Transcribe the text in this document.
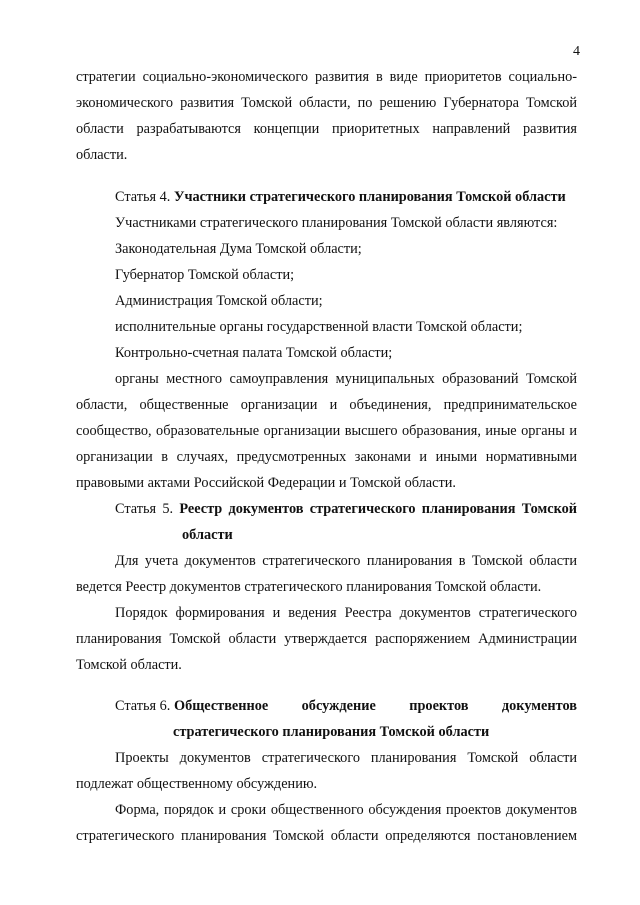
4
стратегии социально-экономического развития в виде приоритетов социально-
экономического развития Томской области, по решению Губернатора Томской
области разрабатываются концепции приоритетных направлений развития
области.
Статья 4. Участники стратегического планирования Томской области
Участниками стратегического планирования Томской области являются:
Законодательная Дума Томской области;
Губернатор Томской области;
Администрация Томской области;
исполнительные органы государственной власти Томской области;
Контрольно-счетная палата Томской области;
органы местного самоуправления муниципальных образований Томской
области, общественные организации и объединения, предпринимательское
сообщество, образовательные организации высшего образования, иные органы и
организации в случаях, предусмотренных законами и иными нормативными
правовыми актами Российской Федерации и Томской области.
Статья 5. Реестр документов стратегического планирования Томской
области
Для учета документов стратегического планирования в Томской области
ведется Реестр документов стратегического планирования Томской области.
Порядок формирования и ведения Реестра документов стратегического
планирования Томской области утверждается распоряжением Администрации
Томской области.
Статья 6. Общественное обсуждение проектов документов
стратегического планирования Томской области
Проекты документов стратегического планирования Томской области
подлежат общественному обсуждению.
Форма, порядок и сроки общественного обсуждения проектов документов
стратегического планирования Томской области определяются постановлением
